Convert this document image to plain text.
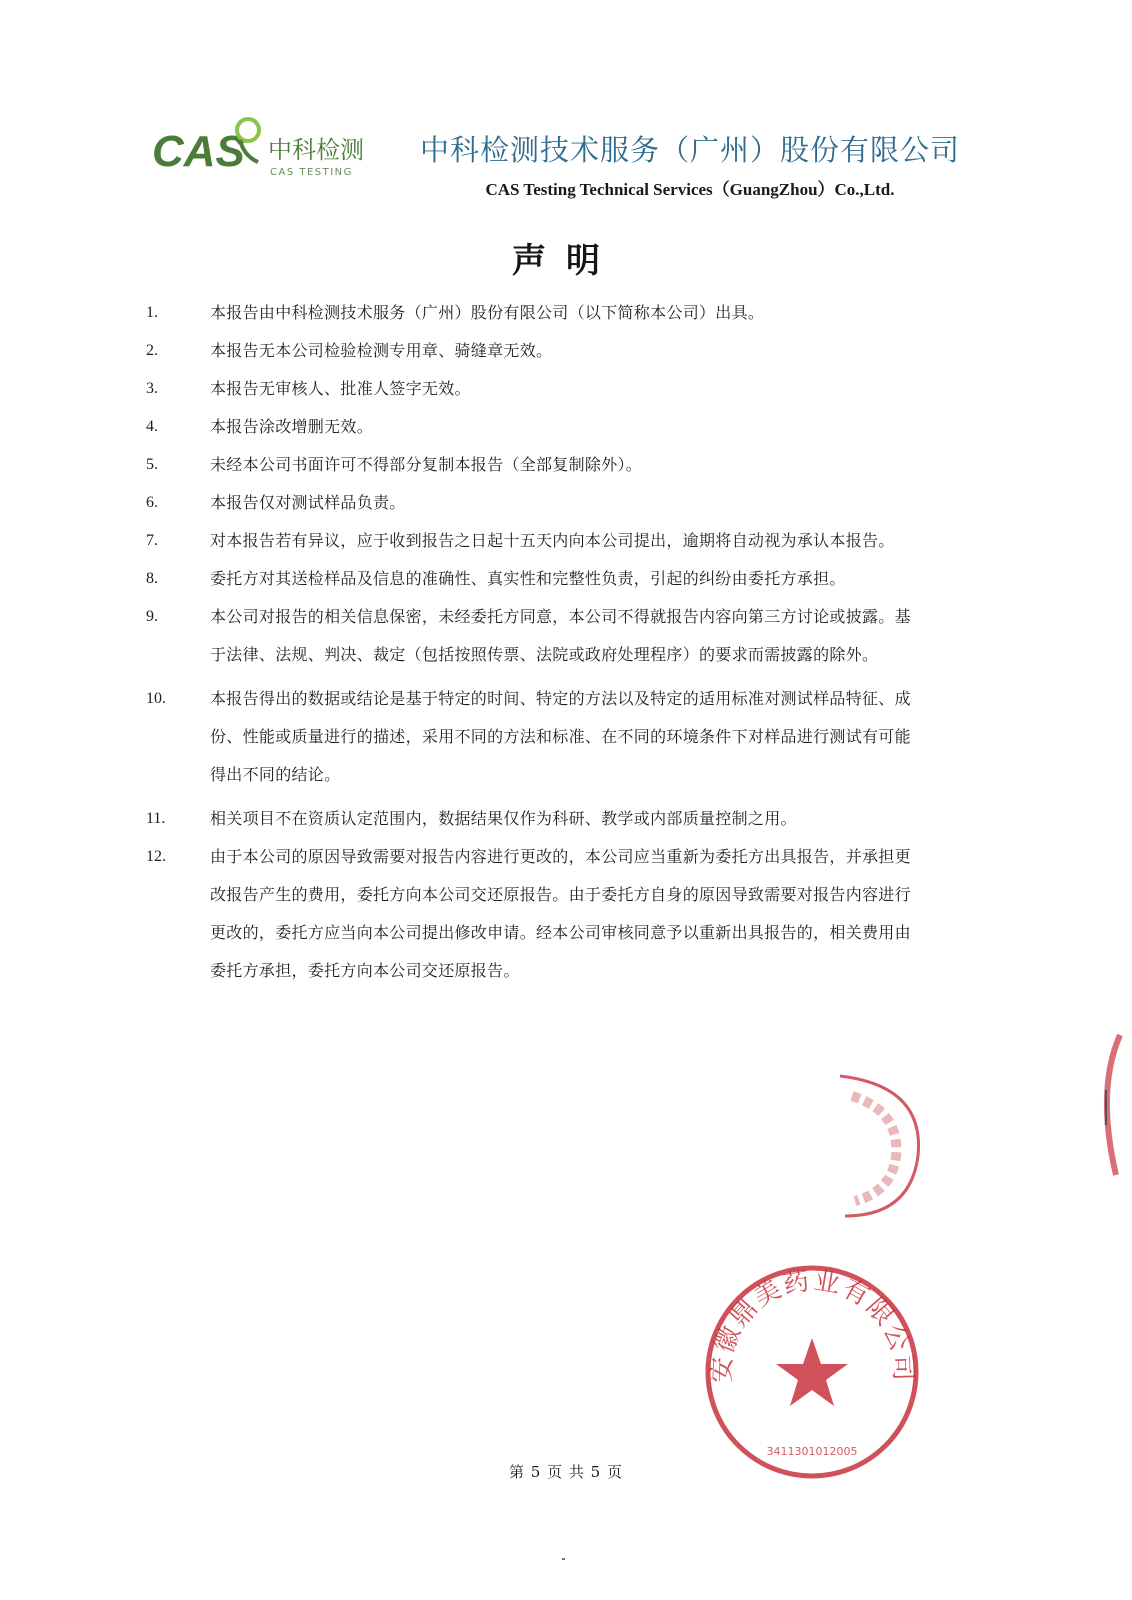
CAS 中科检测
CAS TESTING
中科检测技术服务（广州）股份有限公司
CAS Testing Technical Services（GuangZhou）Co.,Ltd.
声明
1.	本报告由中科检测技术服务（广州）股份有限公司（以下简称本公司）出具。
2.	本报告无本公司检验检测专用章、骑缝章无效。
3.	本报告无审核人、批准人签字无效。
4.	本报告涂改增删无效。
5.	未经本公司书面许可不得部分复制本报告（全部复制除外）。
6.	本报告仅对测试样品负责。
7.	对本报告若有异议，应于收到报告之日起十五天内向本公司提出，逾期将自动视为承认本报告。
8.	委托方对其送检样品及信息的准确性、真实性和完整性负责，引起的纠纷由委托方承担。
9.	本公司对报告的相关信息保密，未经委托方同意，本公司不得就报告内容向第三方讨论或披露。基
于法律、法规、判决、裁定（包括按照传票、法院或政府处理程序）的要求而需披露的除外。
10.	本报告得出的数据或结论是基于特定的时间、特定的方法以及特定的适用标准对测试样品特征、成
份、性能或质量进行的描述，采用不同的方法和标准、在不同的环境条件下对样品进行测试有可能
得出不同的结论。
11.	相关项目不在资质认定范围内，数据结果仅作为科研、教学或内部质量控制之用。
12.	由于本公司的原因导致需要对报告内容进行更改的，本公司应当重新为委托方出具报告，并承担更
改报告产生的费用，委托方向本公司交还原报告。由于委托方自身的原因导致需要对报告内容进行
更改的，委托方应当向本公司提出修改申请。经本公司审核同意予以重新出具报告的，相关费用由
委托方承担，委托方向本公司交还原报告。
第 5 页 共 5 页
安徽鼎美药业有限公司
3411301012005
